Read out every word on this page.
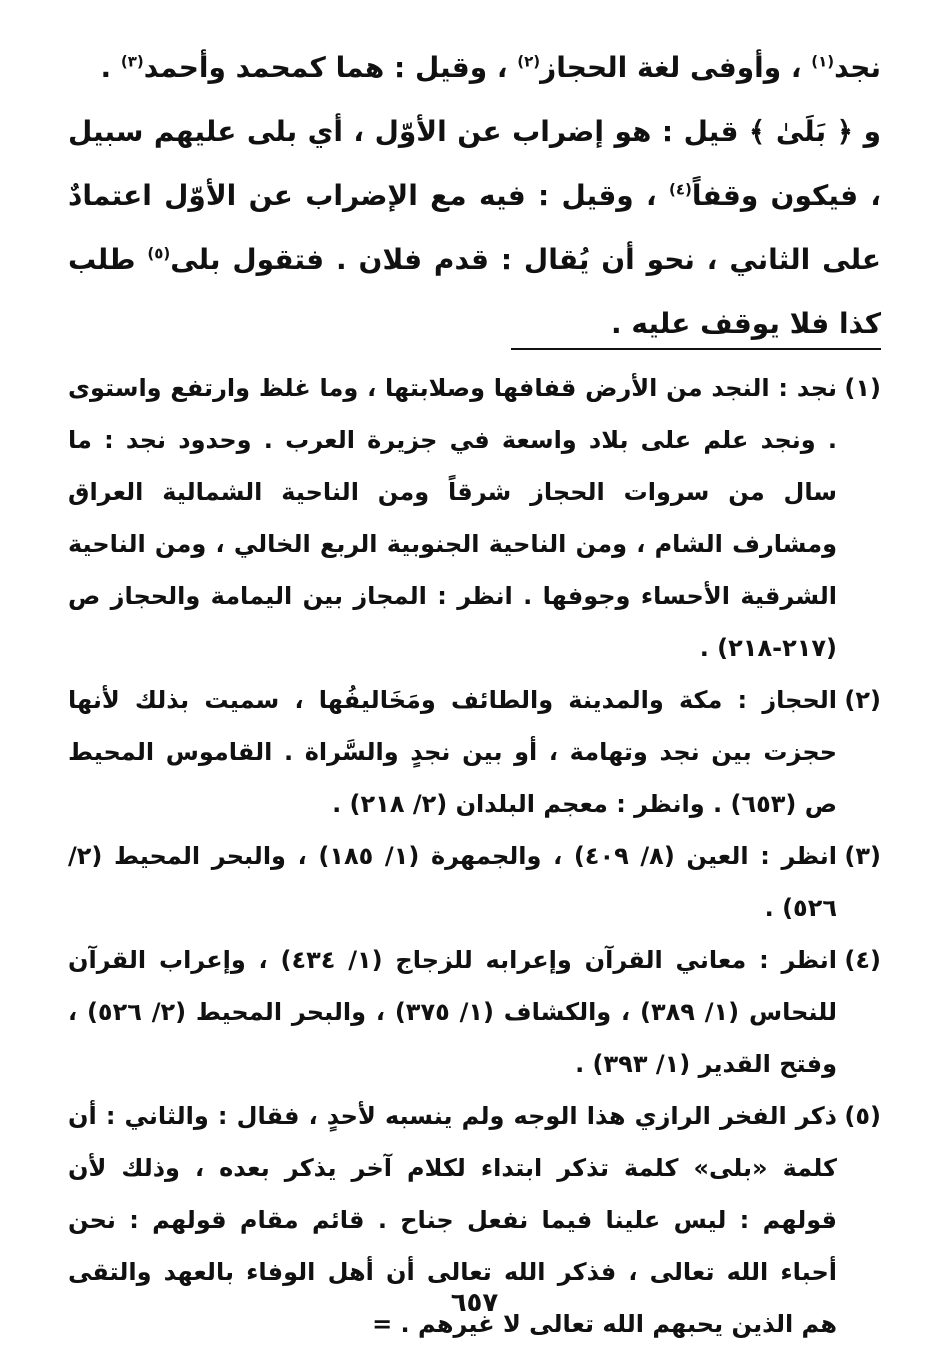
نجد$^{(١)}$ ، وأوفى لغة الحجاز$^{(٢)}$ ، وقيل : هما كمحمد وأحمد$^{(٣)}$ .

و ﴿ بَلَىٰ ﴾ قيل : هو إضراب عن الأوّل ، أي بلى عليهم سبيل ، فيكون وقفاً$^{(٤)}$ ، وقيل : فيه مع الإضراب عن الأوّل اعتمادٌ على الثاني ، نحو أن يُقال : قدم فلان . فتقول بلى$^{(٥)}$ طلب كذا فلا يوقف عليه .

(١)
نجد : النجد من الأرض قفافها وصلابتها ، وما غلظ وارتفع واستوى . ونجد علم على بلاد واسعة في جزيرة العرب . وحدود نجد : ما سال من سروات الحجاز شرقاً ومن الناحية الشمالية العراق ومشارف الشام ، ومن الناحية الجنوبية الربع الخالي ، ومن الناحية الشرقية الأحساء وجوفها . انظر : المجاز بين اليمامة والحجاز ص (٢١٧-٢١٨) .
(٢)
الحجاز : مكة والمدينة والطائف ومَخَاليفُها ، سميت بذلك لأنها حجزت بين نجد وتهامة ، أو بين نجدٍ والسَّراة . القاموس المحيط ص (٦٥٣) . وانظر : معجم البلدان (٢/ ٢١٨) .
(٣)
انظر : العين (٨/ ٤٠٩) ، والجمهرة (١/ ١٨٥) ، والبحر المحيط (٢/ ٥٢٦) .
(٤)
انظر : معاني القرآن وإعرابه للزجاج (١/ ٤٣٤) ، وإعراب القرآن للنحاس (١/ ٣٨٩) ، والكشاف (١/ ٣٧٥) ، والبحر المحيط (٢/ ٥٢٦) ، وفتح القدير (١/ ٣٩٣) .
(٥)
ذكر الفخر الرازي هذا الوجه ولم ينسبه لأحدٍ ، فقال : والثاني : أن كلمة «بلى» كلمة تذكر ابتداء لكلام آخر يذكر بعده ، وذلك لأن قولهم : ليس علينا فيما نفعل جناح . قائم مقام قولهم : نحن أحباء الله تعالى ، فذكر الله تعالى أن أهل الوفاء بالعهد والتقى هم الذين يحبهم الله تعالى لا غيرهم . =
٦٥٧
